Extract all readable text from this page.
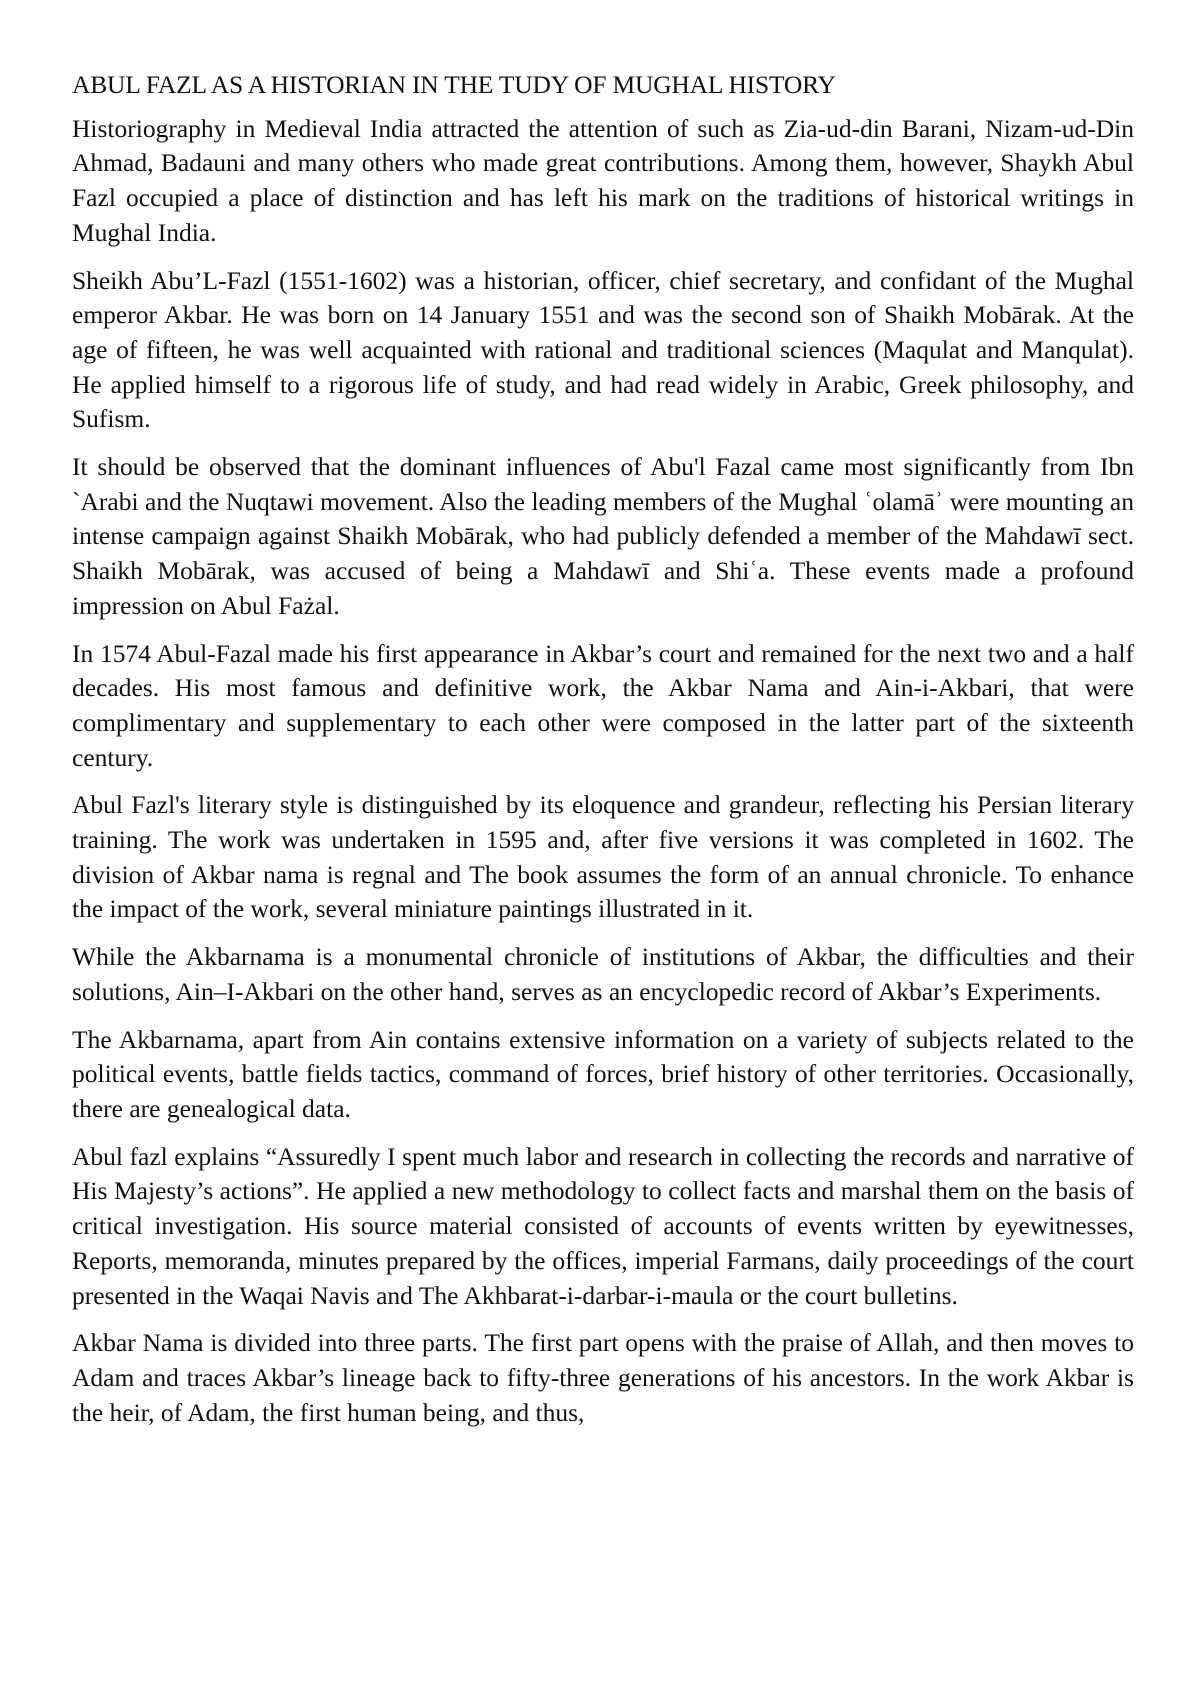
ABUL FAZL AS A HISTORIAN IN THE TUDY OF MUGHAL HISTORY

Historiography in Medieval India attracted the attention of such as Zia-ud-din Barani, Nizam-ud-Din Ahmad, Badauni and many others who made great contributions. Among them, however, Shaykh Abul Fazl occupied a place of distinction and has left his mark on the traditions of historical writings in Mughal India.

Sheikh Abu’L-Fazl (1551-1602) was a historian, officer, chief secretary, and confidant of the Mughal emperor Akbar. He was born on 14 January 1551 and was the second son of Shaikh Mobārak. At the age of fifteen, he was well acquainted with rational and traditional sciences (Maqulat and Manqulat). He applied himself to a rigorous life of study, and had read widely in Arabic, Greek philosophy, and Sufism.

It should be observed that the dominant influences of Abu'l Fazal came most significantly from Ibn `Arabi and the Nuqtawi movement. Also the leading members of the Mughal ʿolamāʾ were mounting an intense campaign against Shaikh Mobārak, who had publicly defended a member of the Mahdawī sect. Shaikh Mobārak, was accused of being a Mahdawī and Shiʿa. These events made a profound impression on Abul Fażal.

In 1574 Abul-Fazal made his first appearance in Akbar’s court and remained for the next two and a half decades. His most famous and definitive work, the Akbar Nama and Ain-i-Akbari, that were complimentary and supplementary to each other were composed in the latter part of the sixteenth century.

Abul Fazl's literary style is distinguished by its eloquence and grandeur, reflecting his Persian literary training. The work was undertaken in 1595 and, after five versions it was completed in 1602. The division of Akbar nama is regnal and The book assumes the form of an annual chronicle. To enhance the impact of the work, several miniature paintings illustrated in it.

While the Akbarnama is a monumental chronicle of institutions of Akbar, the difficulties and their solutions, Ain–I-Akbari on the other hand, serves as an encyclopedic record of Akbar’s Experiments.

The Akbarnama, apart from Ain contains extensive information on a variety of subjects related to the political events, battle fields tactics, command of forces, brief history of other territories. Occasionally, there are genealogical data.

Abul fazl explains “Assuredly I spent much labor and research in collecting the records and narrative of His Majesty’s actions”. He applied a new methodology to collect facts and marshal them on the basis of critical investigation. His source material consisted of accounts of events written by eyewitnesses, Reports, memoranda, minutes prepared by the offices, imperial Farmans, daily proceedings of the court presented in the Waqai Navis and The Akhbarat-i-darbar-i-maula or the court bulletins.

Akbar Nama is divided into three parts. The first part opens with the praise of Allah, and then moves to Adam and traces Akbar’s lineage back to fifty-three generations of his ancestors. In the work Akbar is the heir, of Adam, the first human being, and thus,
